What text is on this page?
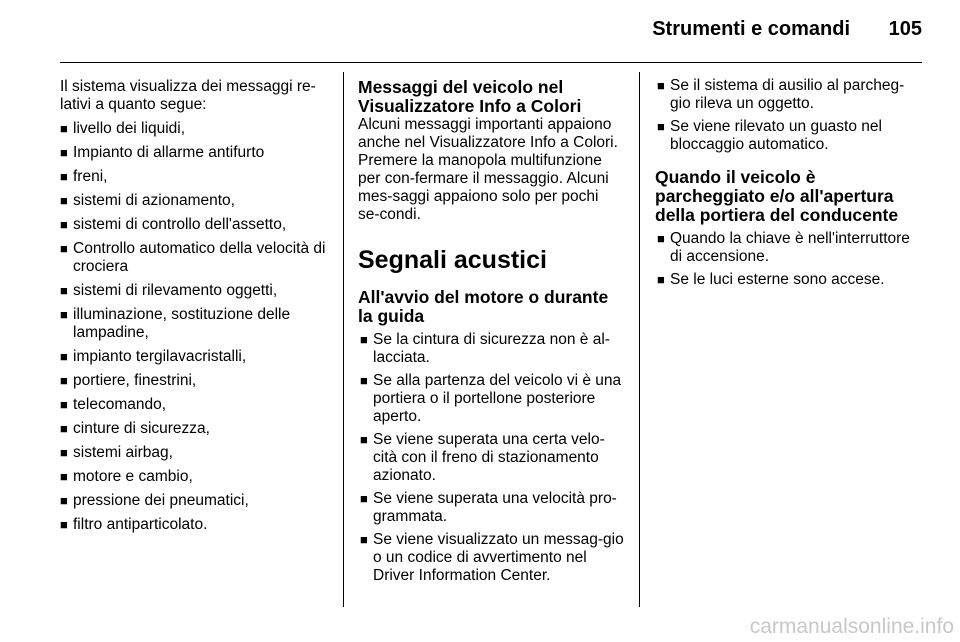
Strumenti e comandi	105

Il sistema visualizza dei messaggi re-lativi a quanto segue:

■ livello dei liquidi,
■ Impianto di allarme antifurto
■ freni,
■ sistemi di azionamento,
■ sistemi di controllo dell'assetto,
■ Controllo automatico della velocità di crociera
■ sistemi di rilevamento oggetti,
■ illuminazione, sostituzione delle lampadine,
■ impianto tergilavacristalli,
■ portiere, finestrini,
■ telecomando,
■ cinture di sicurezza,
■ sistemi airbag,
■ motore e cambio,
■ pressione dei pneumatici,
■ filtro antiparticolato.

Messaggi del veicolo nel Visualizzatore Info a Colori

Alcuni messaggi importanti appaiono anche nel Visualizzatore Info a Colori. Premere la manopola multifunzione per con-fermare il messaggio. Alcuni mes-saggi appaiono solo per pochi se-condi.

Segnali acustici

All'avvio del motore o durante la guida

■ Se la cintura di sicurezza non è al-lacciata.
■ Se alla partenza del veicolo vi è una portiera o il portellone posteriore aperto.
■ Se viene superata una certa velo-cità con il freno di stazionamento azionato.
■ Se viene superata una velocità pro-grammata.
■ Se viene visualizzato un messag-gio o un codice di avvertimento nel Driver Information Center.
■ Se il sistema di ausilio al parcheg-gio rileva un oggetto.
■ Se viene rilevato un guasto nel bloccaggio automatico.

Quando il veicolo è parcheggiato e/o all'apertura della portiera del conducente

■ Quando la chiave è nell'interruttore di accensione.
■ Se le luci esterne sono accese.
carmanualsonline.info
